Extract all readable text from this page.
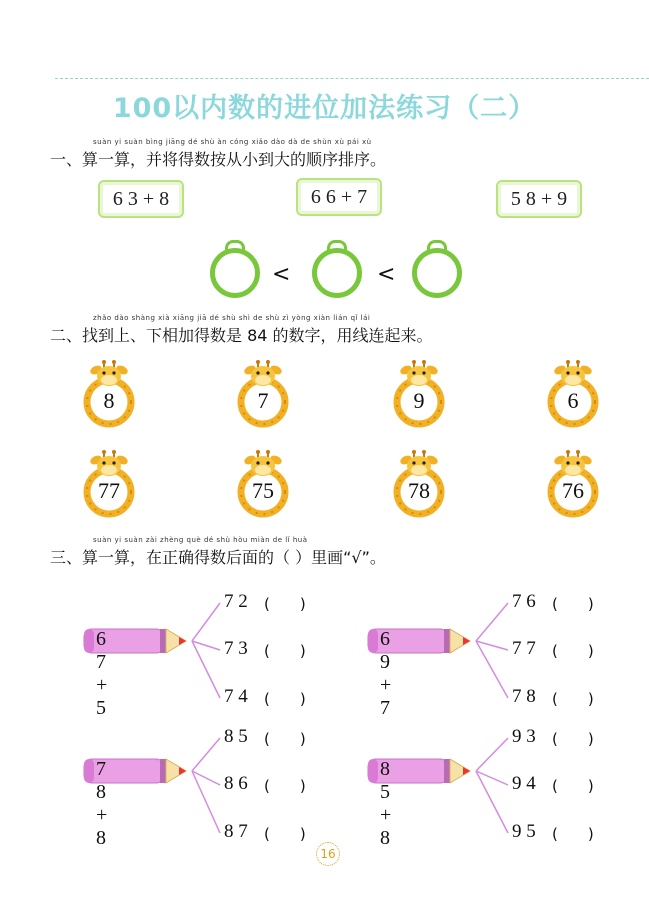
100以内数的进位加法练习（二）
suàn yi suàn bìng jiāng dé shù àn cóng xiǎo dào dà de shùn xù pái xù
一、算一算，并将得数按从小到大的顺序排序。
6 3 + 8	6 6 + 7	5 8 + 9
<	<
zhǎo dào shàng xià xiāng jiā dé shù shì de shù zì yòng xiàn lián qǐ lái
二、找到上、下相加得数是 84 的数字，用线连起来。
8	7	9	6
77	75	78	76
suàn yi suàn zài zhèng què dé shù hòu miàn de lǐ huà
三、算一算，在正确得数后面的（ ）里画“√”。
6 7 + 5
7 2 (　　)
7 3 (　　)
7 4 (　　)
6 9 + 7
7 6 (　　)
7 7 (　　)
7 8 (　　)
7 8 + 8
8 5 (　　)
8 6 (　　)
8 7 (　　)
8 5 + 8
9 3 (　　)
9 4 (　　)
9 5 (　　)
16
